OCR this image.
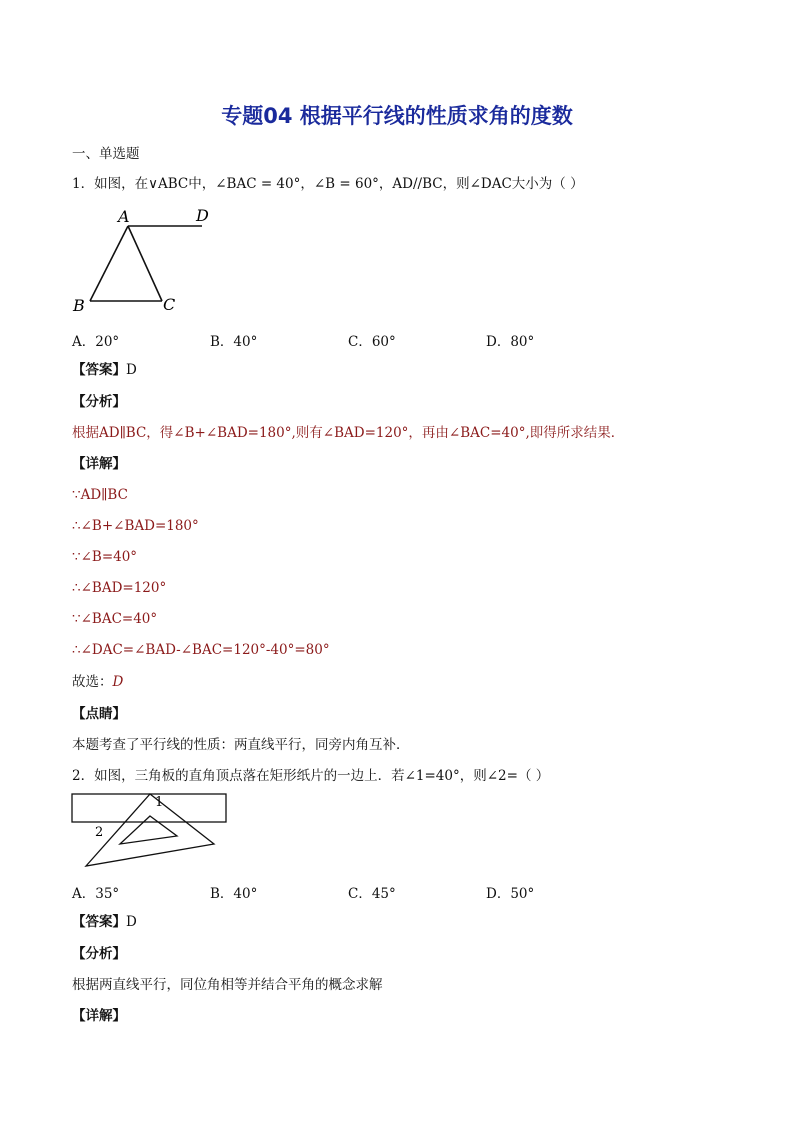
专题04 根据平行线的性质求角的度数
一、单选题
1．如图，在∨ABC中，∠BAC = 40°，∠B = 60°，AD//BC，则∠DAC大小为（ ）
A	D
B	C
A．20°	B．40°	C．60°	D．80°
【答案】D
【分析】
根据AD∥BC，得∠B+∠BAD=180°,则有∠BAD=120°，再由∠BAC=40°,即得所求结果．
【详解】
∵AD∥BC
∴∠B+∠BAD=180°
∵∠B=40°
∴∠BAD=120°
∵∠BAC=40°
∴∠DAC=∠BAD-∠BAC=120°-40°=80°
故选：D
【点睛】
本题考查了平行线的性质：两直线平行，同旁内角互补．
2．如图，三角板的直角顶点落在矩形纸片的一边上．若∠1=40°，则∠2=（ ）
1
2
A．35°	B．40°	C．45°	D．50°
【答案】D
【分析】
根据两直线平行，同位角相等并结合平角的概念求解
【详解】
